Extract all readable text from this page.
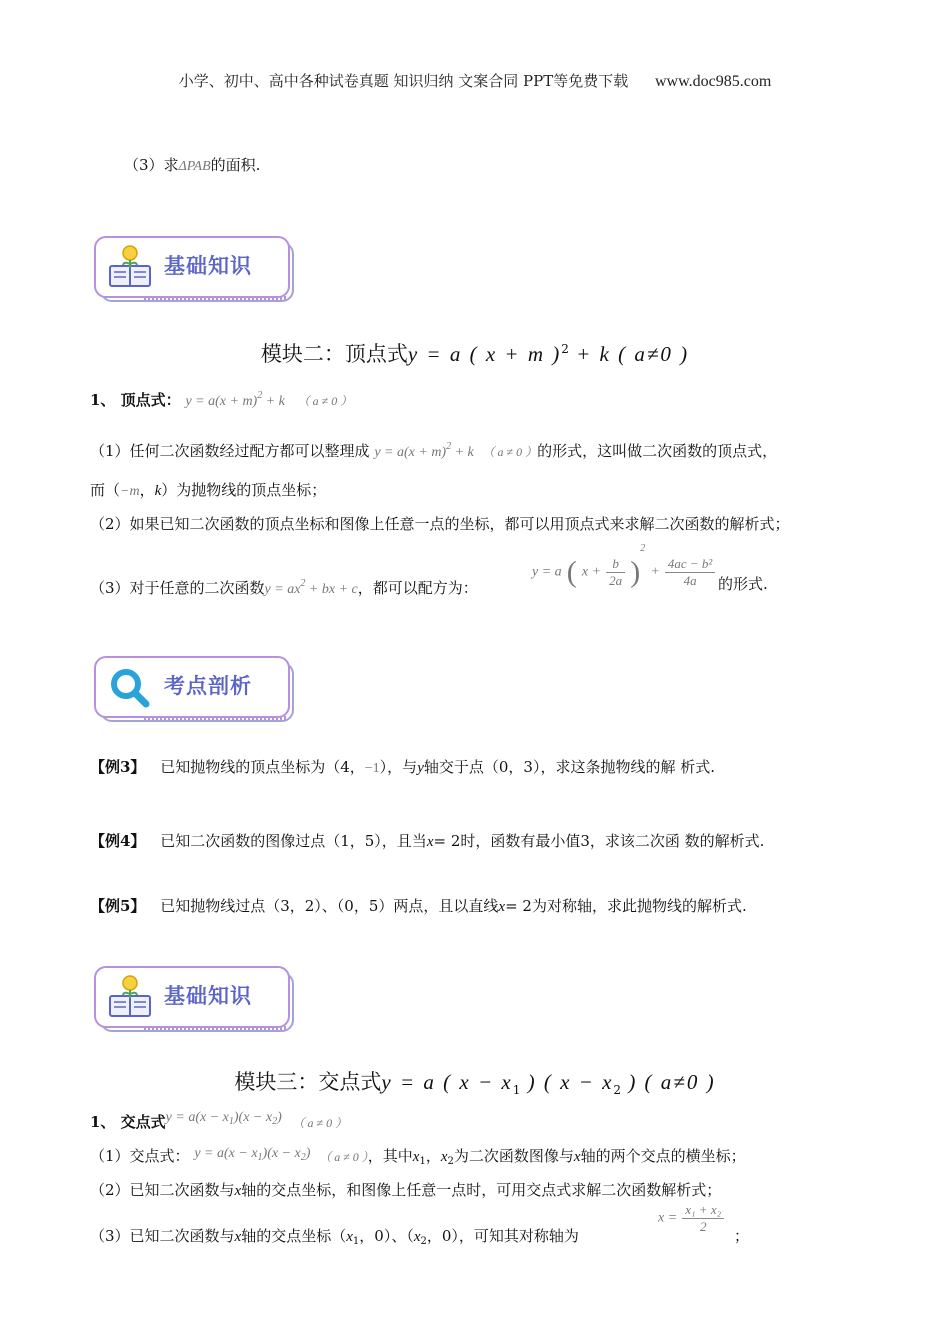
小学、初中、高中各种试卷真题 知识归纳 文案合同 PPT等免费下载 www.doc985.com
（3）求ΔPAB的面积.
基础知识
模块二：顶点式y = a ( x + m )$^2$ + k ( a≠0 )
1、 顶点式： $y = a(x + m)^2 + k$ （ a ≠ 0 ）
（1）任何二次函数经过配方都可以整理成 $y = a(x + m)^2 + k$ （ a ≠ 0 ）的形式，这叫做二次函数的顶点式，
而（−m，k）为抛物线的顶点坐标；
（2）如果已知二次函数的顶点坐标和图像上任意一点的坐标，都可以用顶点式来求解二次函数的解析式；
（3）对于任意的二次函数$y = ax^2$ + bx + c，都可以配方为：
y = a ( $x + \frac{b}{2a} )^2 + \frac{\text{4ac − b²}}{4a}$ 的形式.
考点剖析
【例3】 已知抛物线的顶点坐标为（4，−1），与y轴交于点（0，3），求这条抛物线的解 析式.
【例4】 已知二次函数的图像过点（1，5），且当x= 2时，函数有最小值3，求该二次函 数的解析式.
【例5】 已知抛物线过点（3，2）、（0，5）两点，且以直线x= 2为对称轴，求此抛物线的解析式.
基础知识
模块三：交点式y = a ( $x - x_1$ ) ( $x - x_2$ ) ( a≠0 )
1、 交点式$y = a(x - x_1)(x - x_2)$ （ a ≠ 0 ）
（1）交点式： $y = a(x - x_1)(x - x_2)$ （ a ≠ 0 ），其中$x_1$，$x_2$为二次函数图像与x轴的两个交点的横坐标；
（2）已知二次函数与x轴的交点坐标，和图像上任意一点时，可用交点式求解二次函数解析式；
（3）已知二次函数与x轴的交点坐标（$x_1$，0）、（$x_2$，0），可知其对称轴为
$x = \frac{\text{x₁ + x₂}}{2}$
；
